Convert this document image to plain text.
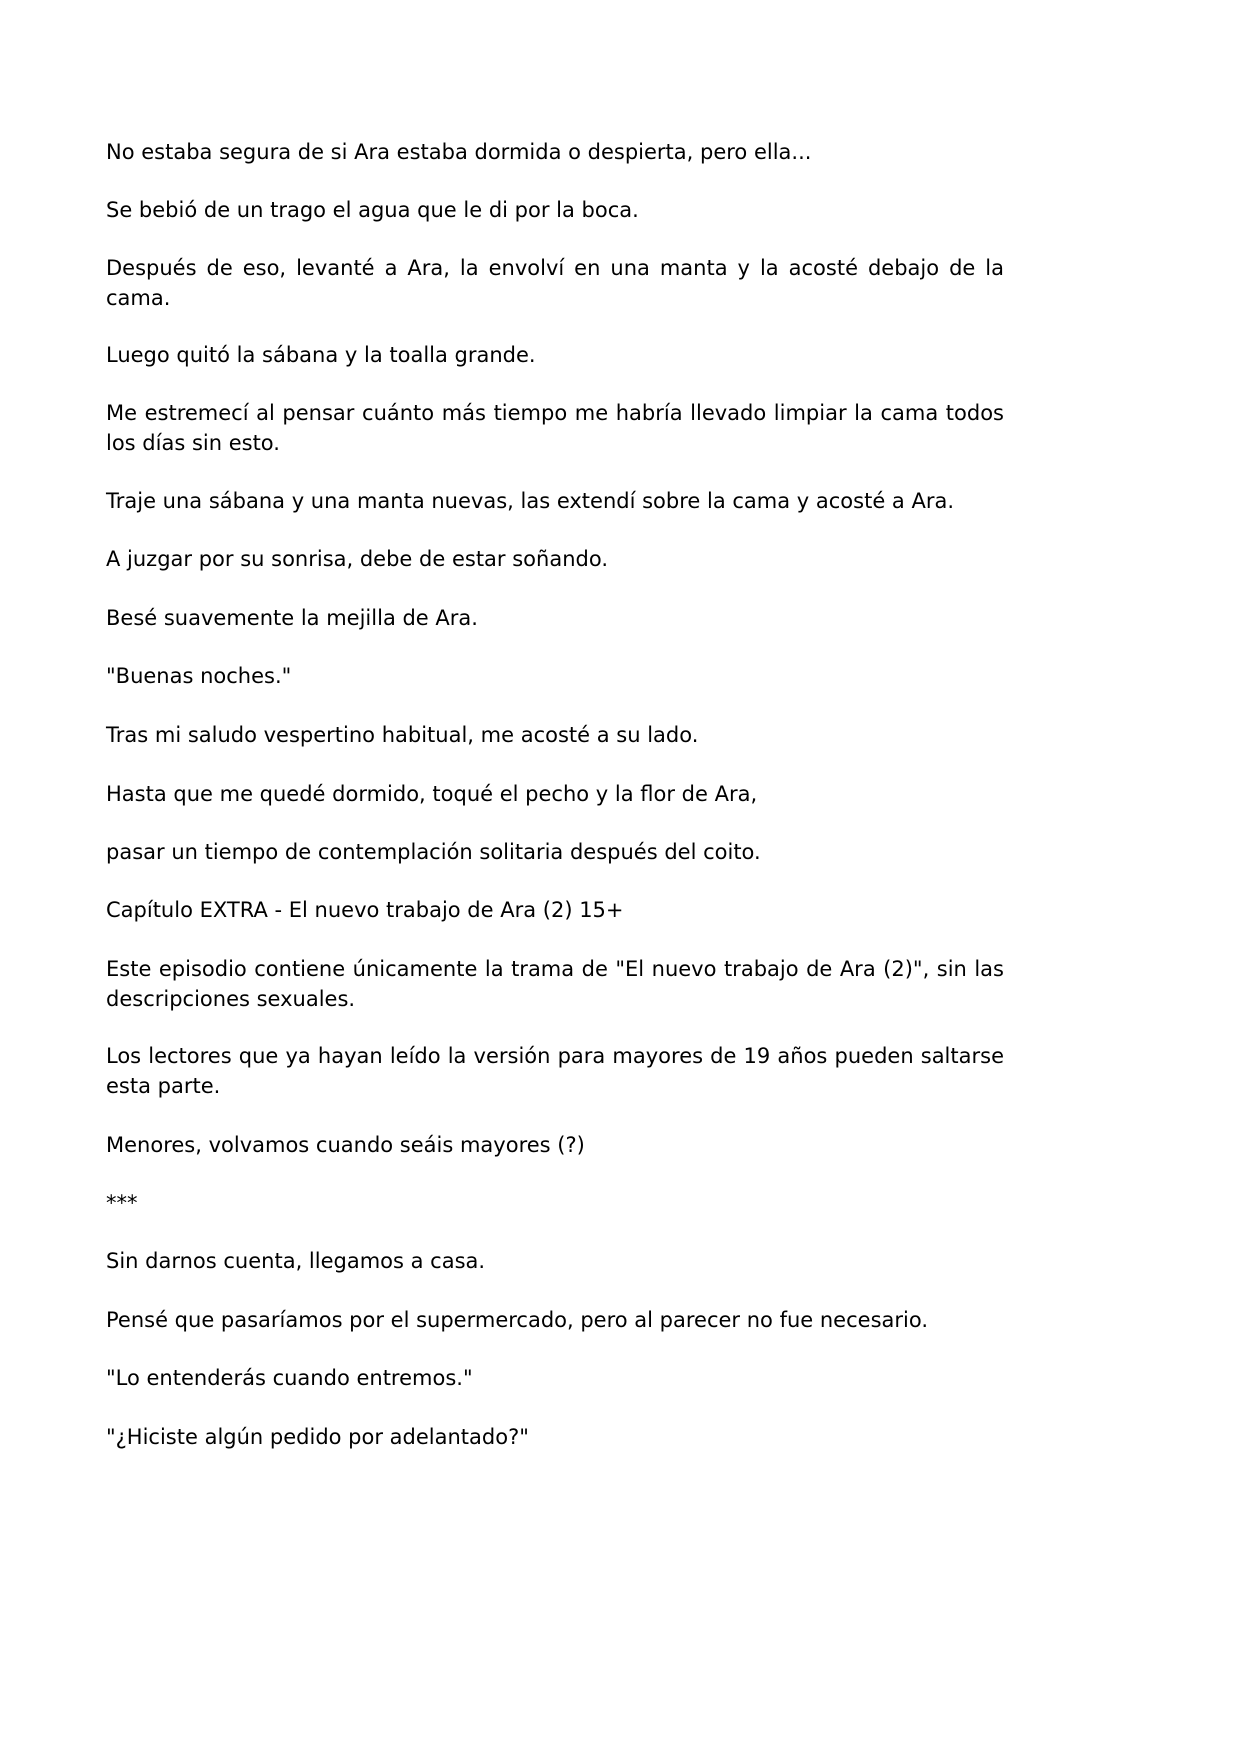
No estaba segura de si Ara estaba dormida o despierta, pero ella...

Se bebió de un trago el agua que le di por la boca.

Después de eso, levanté a Ara, la envolví en una manta y la acosté debajo de la cama.

Luego quitó la sábana y la toalla grande.

Me estremecí al pensar cuánto más tiempo me habría llevado limpiar la cama todos los días sin esto.

Traje una sábana y una manta nuevas, las extendí sobre la cama y acosté a Ara.

A juzgar por su sonrisa, debe de estar soñando.

Besé suavemente la mejilla de Ara.

"Buenas noches."

Tras mi saludo vespertino habitual, me acosté a su lado.

Hasta que me quedé dormido, toqué el pecho y la flor de Ara,

pasar un tiempo de contemplación solitaria después del coito.

Capítulo EXTRA - El nuevo trabajo de Ara (2) 15+

Este episodio contiene únicamente la trama de "El nuevo trabajo de Ara (2)", sin las descripciones sexuales.

Los lectores que ya hayan leído la versión para mayores de 19 años pueden saltarse esta parte.

Menores, volvamos cuando seáis mayores (?)

***

Sin darnos cuenta, llegamos a casa.

Pensé que pasaríamos por el supermercado, pero al parecer no fue necesario.

"Lo entenderás cuando entremos."

"¿Hiciste algún pedido por adelantado?"
